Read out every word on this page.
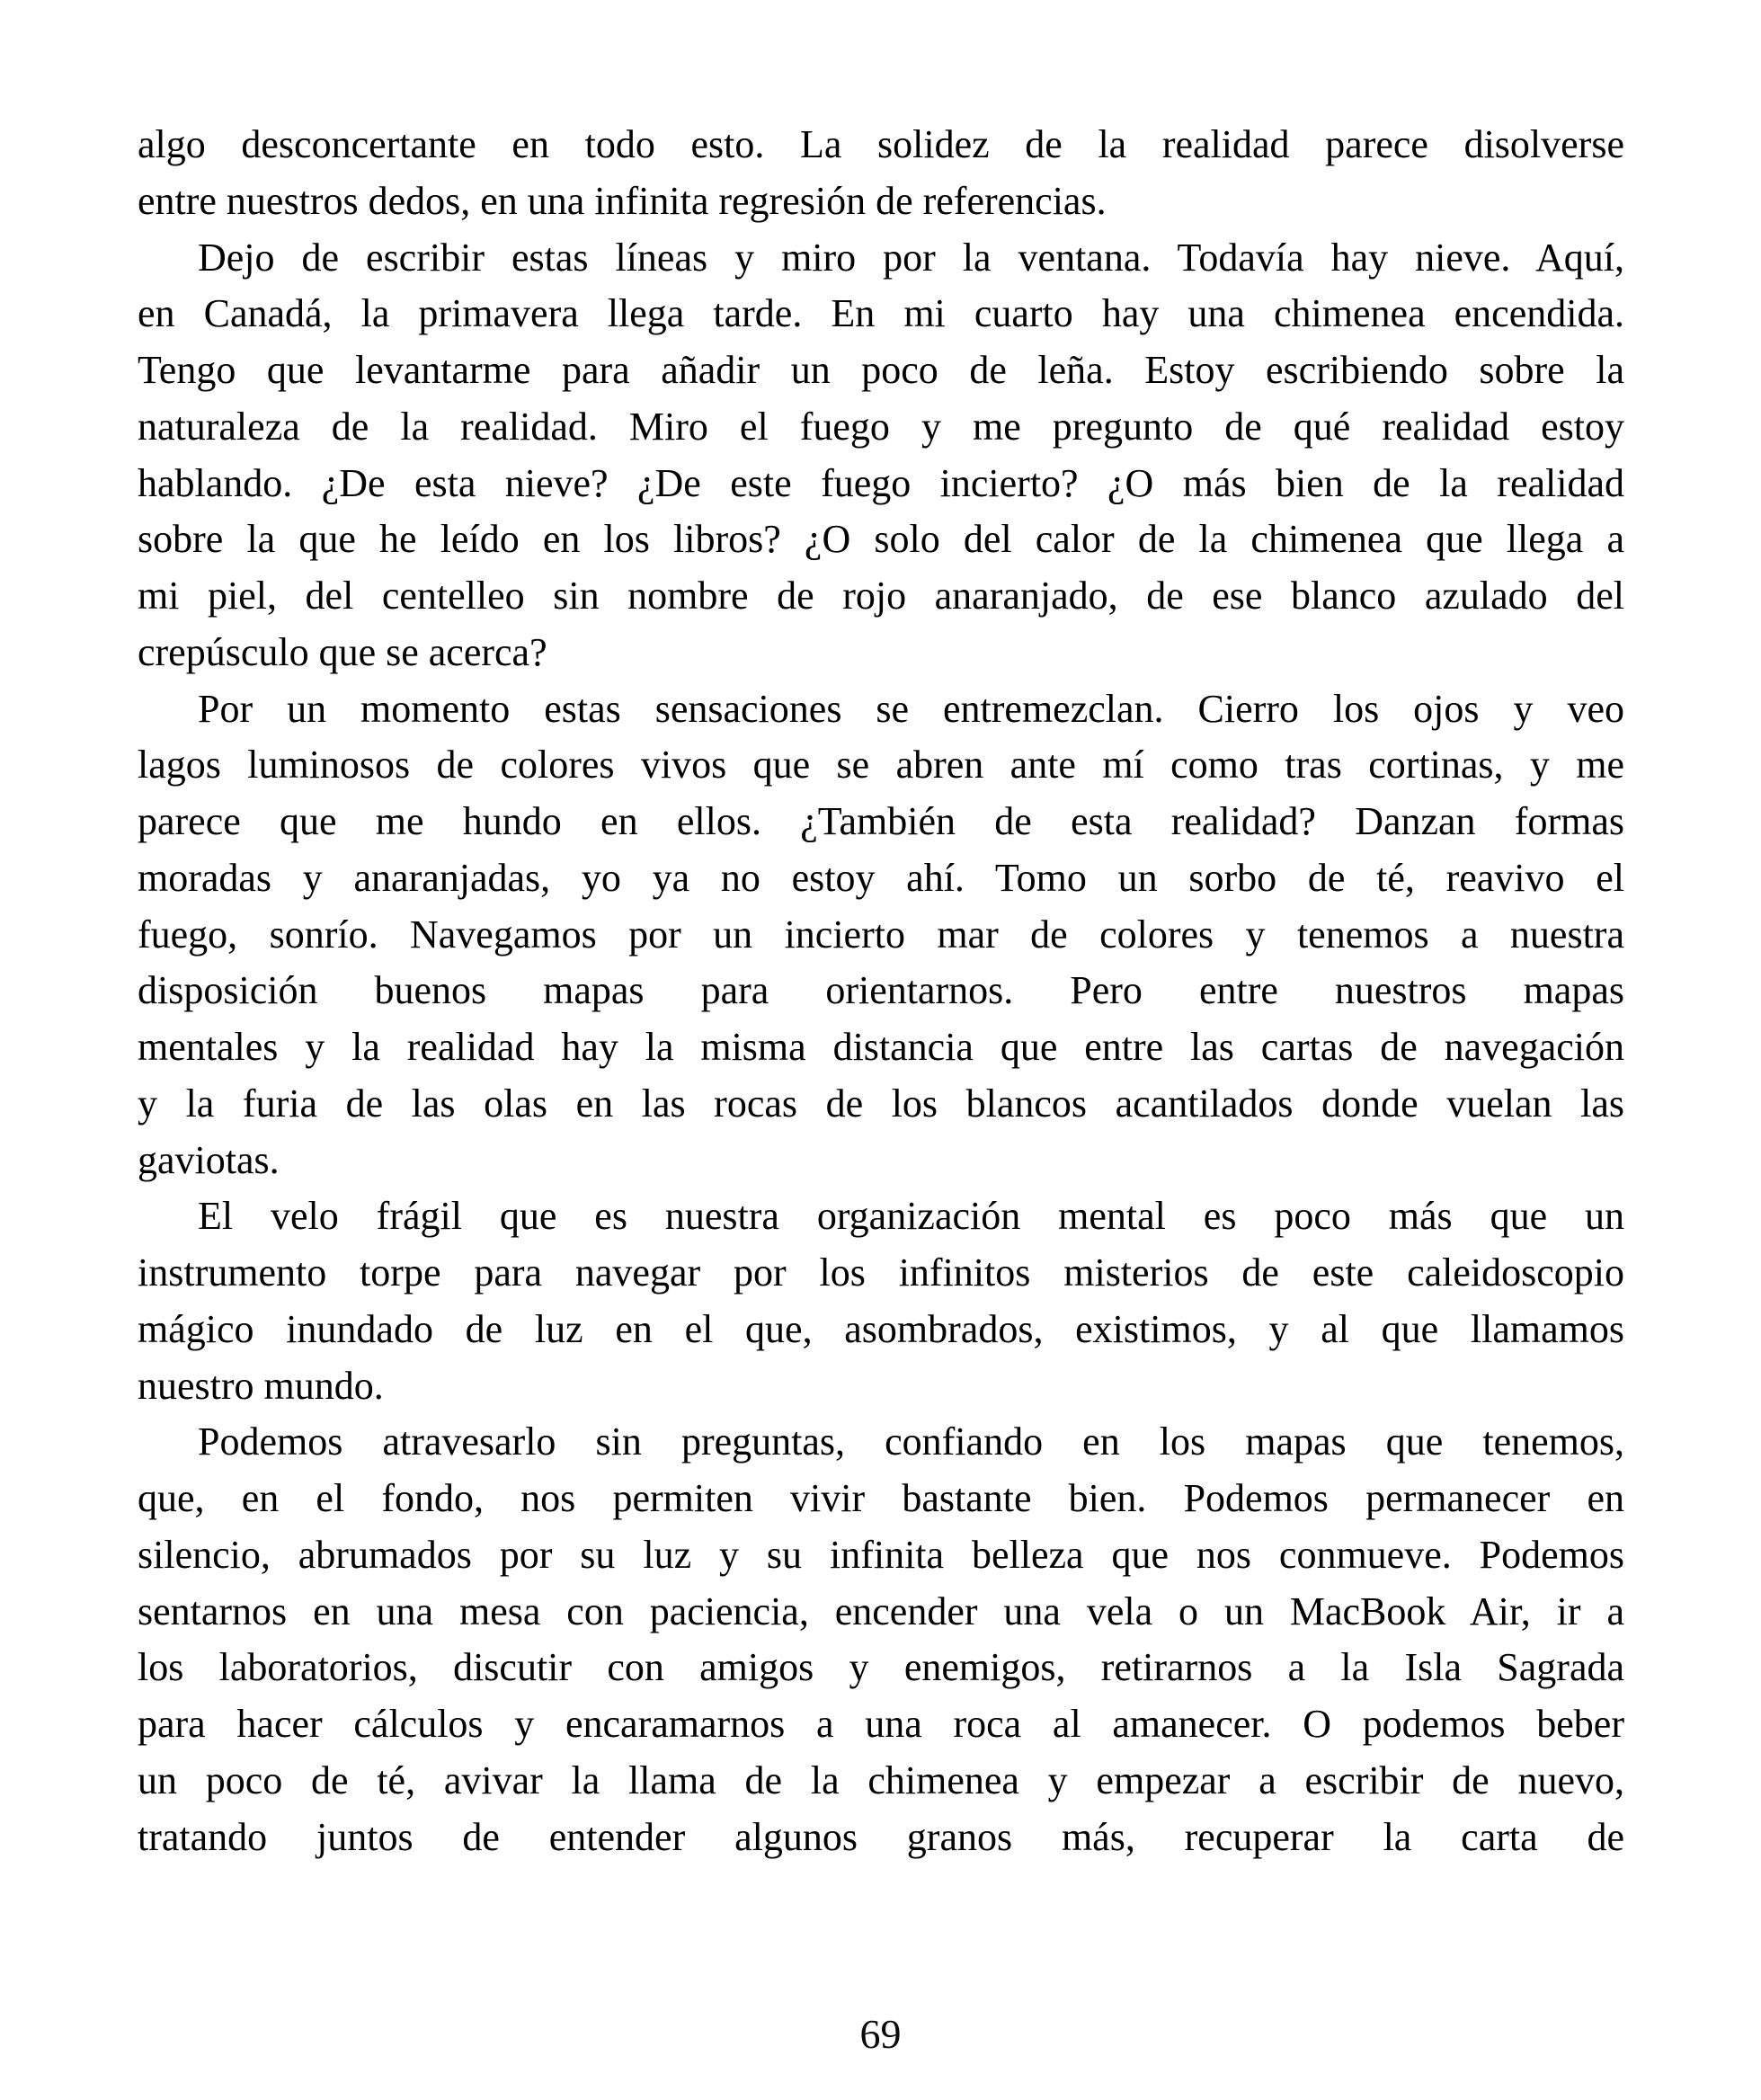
algo desconcertante en todo esto. La solidez de la realidad parece disolverse
entre nuestros dedos, en una infinita regresión de referencias.
Dejo de escribir estas líneas y miro por la ventana. Todavía hay nieve. Aquí,
en Canadá, la primavera llega tarde. En mi cuarto hay una chimenea encendida.
Tengo que levantarme para añadir un poco de leña. Estoy escribiendo sobre la
naturaleza de la realidad. Miro el fuego y me pregunto de qué realidad estoy
hablando. ¿De esta nieve? ¿De este fuego incierto? ¿O más bien de la realidad
sobre la que he leído en los libros? ¿O solo del calor de la chimenea que llega a
mi piel, del centelleo sin nombre de rojo anaranjado, de ese blanco azulado del
crepúsculo que se acerca?
Por un momento estas sensaciones se entremezclan. Cierro los ojos y veo
lagos luminosos de colores vivos que se abren ante mí como tras cortinas, y me
parece que me hundo en ellos. ¿También de esta realidad? Danzan formas
moradas y anaranjadas, yo ya no estoy ahí. Tomo un sorbo de té, reavivo el
fuego, sonrío. Navegamos por un incierto mar de colores y tenemos a nuestra
disposición buenos mapas para orientarnos. Pero entre nuestros mapas
mentales y la realidad hay la misma distancia que entre las cartas de navegación
y la furia de las olas en las rocas de los blancos acantilados donde vuelan las
gaviotas.
El velo frágil que es nuestra organización mental es poco más que un
instrumento torpe para navegar por los infinitos misterios de este caleidoscopio
mágico inundado de luz en el que, asombrados, existimos, y al que llamamos
nuestro mundo.
Podemos atravesarlo sin preguntas, confiando en los mapas que tenemos,
que, en el fondo, nos permiten vivir bastante bien. Podemos permanecer en
silencio, abrumados por su luz y su infinita belleza que nos conmueve. Podemos
sentarnos en una mesa con paciencia, encender una vela o un MacBook Air, ir a
los laboratorios, discutir con amigos y enemigos, retirarnos a la Isla Sagrada
para hacer cálculos y encaramarnos a una roca al amanecer. O podemos beber
un poco de té, avivar la llama de la chimenea y empezar a escribir de nuevo,
tratando juntos de entender algunos granos más, recuperar la carta de
69
